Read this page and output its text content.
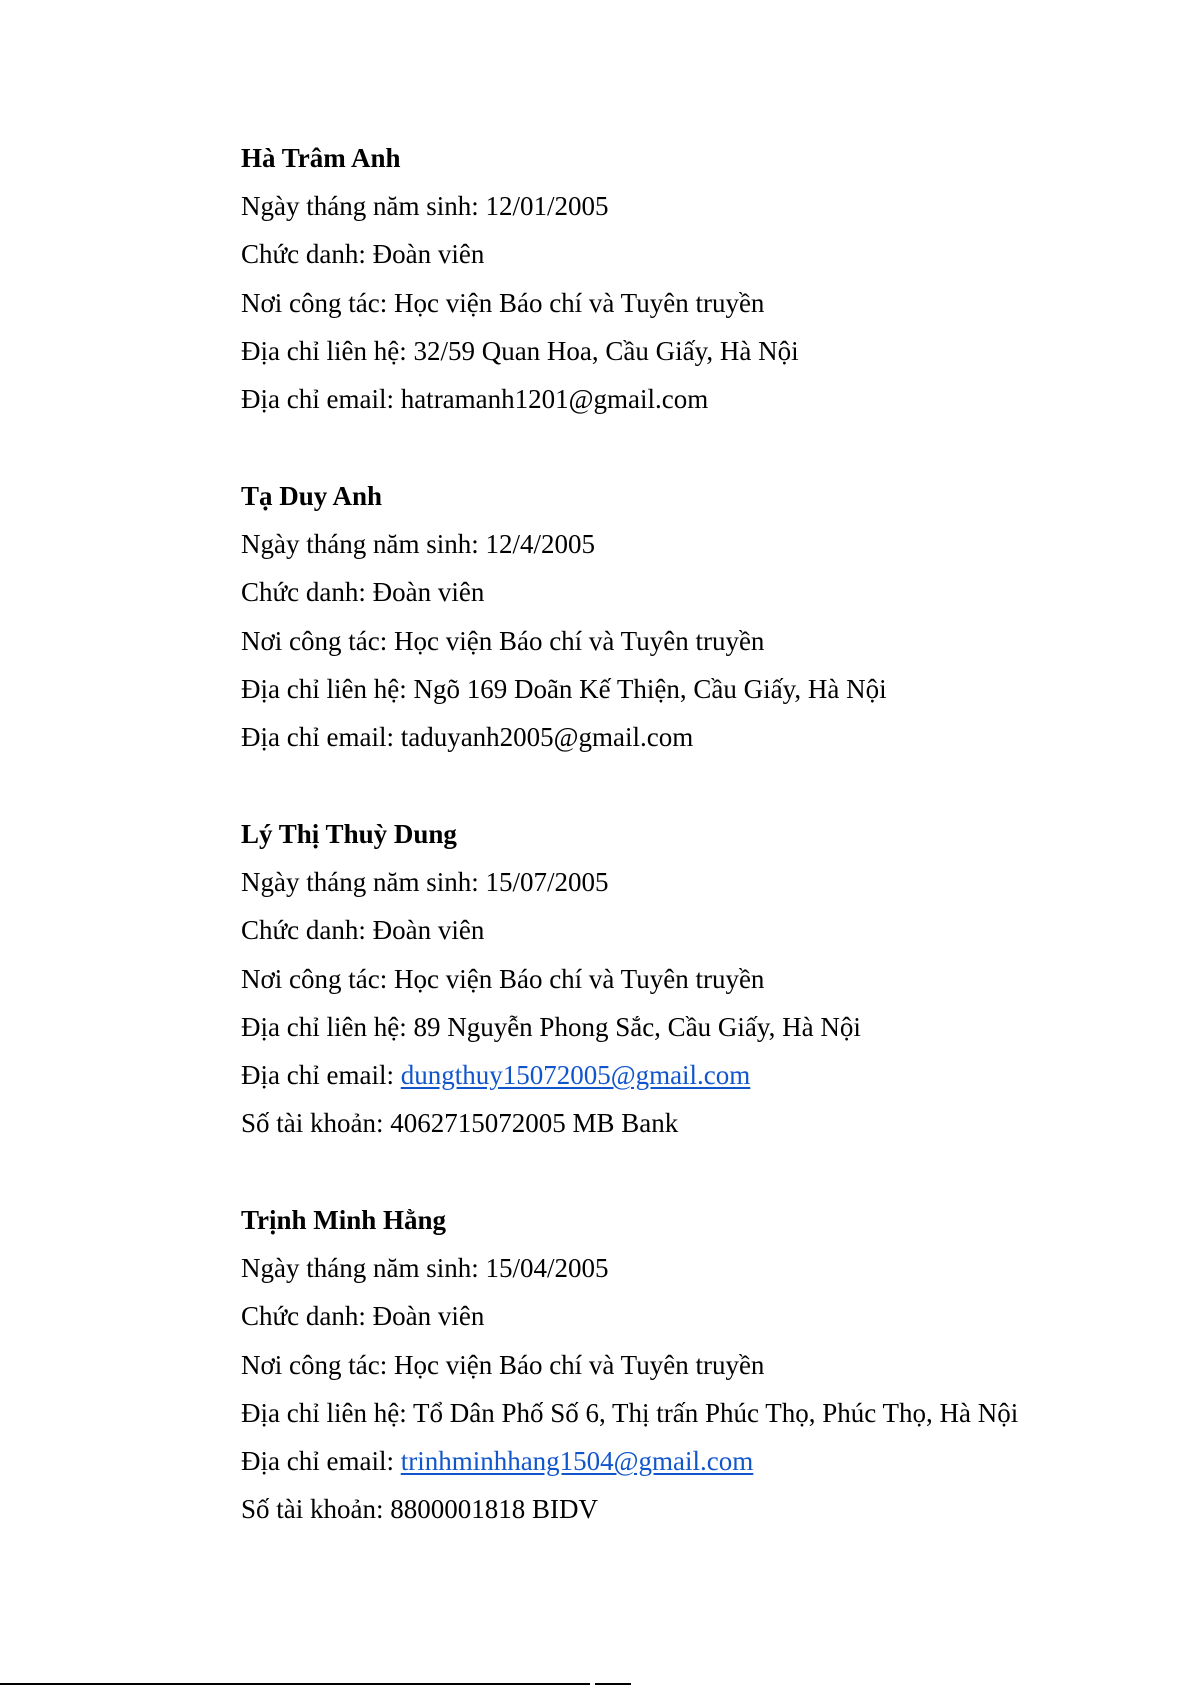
Hà Trâm Anh
Ngày tháng năm sinh: 12/01/2005
Chức danh: Đoàn viên
Nơi công tác: Học viện Báo chí và Tuyên truyền
Địa chỉ liên hệ: 32/59 Quan Hoa, Cầu Giấy, Hà Nội
Địa chỉ email: hatramanh1201@gmail.com
Tạ Duy Anh
Ngày tháng năm sinh: 12/4/2005
Chức danh: Đoàn viên
Nơi công tác: Học viện Báo chí và Tuyên truyền
Địa chỉ liên hệ: Ngõ 169 Doãn Kế Thiện, Cầu Giấy, Hà Nội
Địa chỉ email: taduyanh2005@gmail.com
Lý Thị Thuỳ Dung
Ngày tháng năm sinh: 15/07/2005
Chức danh: Đoàn viên
Nơi công tác: Học viện Báo chí và Tuyên truyền
Địa chỉ liên hệ: 89 Nguyễn Phong Sắc, Cầu Giấy, Hà Nội
Địa chỉ email: dungthuy15072005@gmail.com
Số tài khoản: 4062715072005 MB Bank
Trịnh Minh Hằng
Ngày tháng năm sinh: 15/04/2005
Chức danh: Đoàn viên
Nơi công tác: Học viện Báo chí và Tuyên truyền
Địa chỉ liên hệ: Tổ Dân Phố Số 6, Thị trấn Phúc Thọ, Phúc Thọ, Hà Nội
Địa chỉ email: trinhminhhang1504@gmail.com
Số tài khoản: 8800001818 BIDV
